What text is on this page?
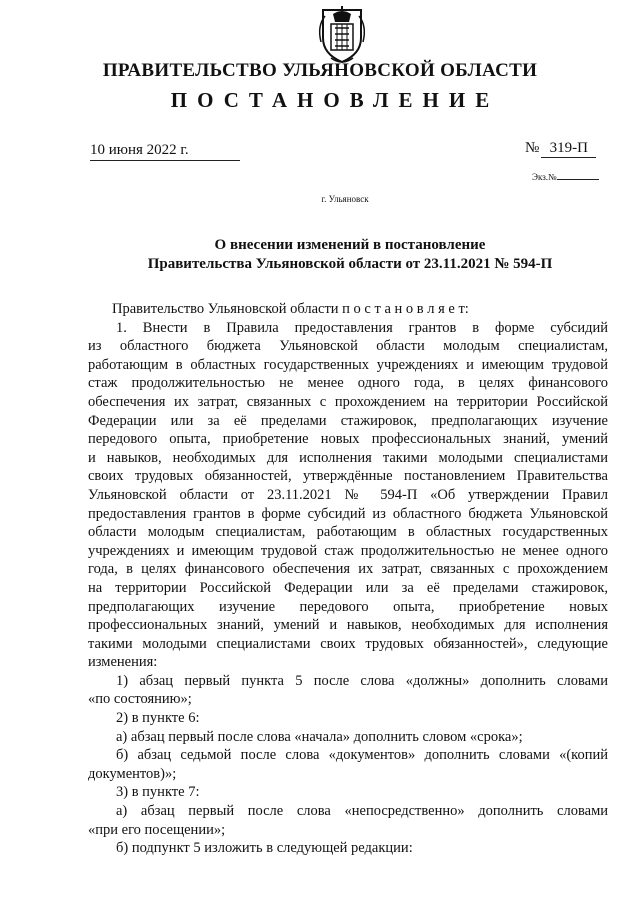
ПРАВИТЕЛЬСТВО УЛЬЯНОВСКОЙ ОБЛАСТИ
ПОСТАНОВЛЕНИЕ
10 июня 2022 г.	№ 319-П
Экз.№
г. Ульяновск
О внесении изменений в постановление
Правительства Ульяновской области от 23.11.2021 № 594-П
Правительство Ульяновской области п о с т а н о в л я е т:
1. Внести в Правила предоставления грантов в форме субсидий
из областного бюджета Ульяновской области молодым специалистам,
работающим в областных государственных учреждениях и имеющим трудовой
стаж продолжительностью не менее одного года, в целях финансового
обеспечения их затрат, связанных с прохождением на территории Российской
Федерации или за её пределами стажировок, предполагающих изучение
передового опыта, приобретение новых профессиональных знаний, умений
и навыков, необходимых для исполнения такими молодыми специалистами
своих трудовых обязанностей, утверждённые постановлением Правительства
Ульяновской области от 23.11.2021 № 594-П «Об утверждении Правил
предоставления грантов в форме субсидий из областного бюджета Ульяновской
области молодым специалистам, работающим в областных государственных
учреждениях и имеющим трудовой стаж продолжительностью не менее одного
года, в целях финансового обеспечения их затрат, связанных с прохождением
на территории Российской Федерации или за её пределами стажировок,
предполагающих изучение передового опыта, приобретение новых
профессиональных знаний, умений и навыков, необходимых для исполнения
такими молодыми специалистами своих трудовых обязанностей», следующие
изменения:
1) абзац первый пункта 5 после слова «должны» дополнить словами
«по состоянию»;
2) в пункте 6:
а) абзац первый после слова «начала» дополнить словом «срока»;
б) абзац седьмой после слова «документов» дополнить словами «(копий
документов)»;
3) в пункте 7:
а) абзац первый после слова «непосредственно» дополнить словами
«при его посещении»;
б) подпункт 5 изложить в следующей редакции:
